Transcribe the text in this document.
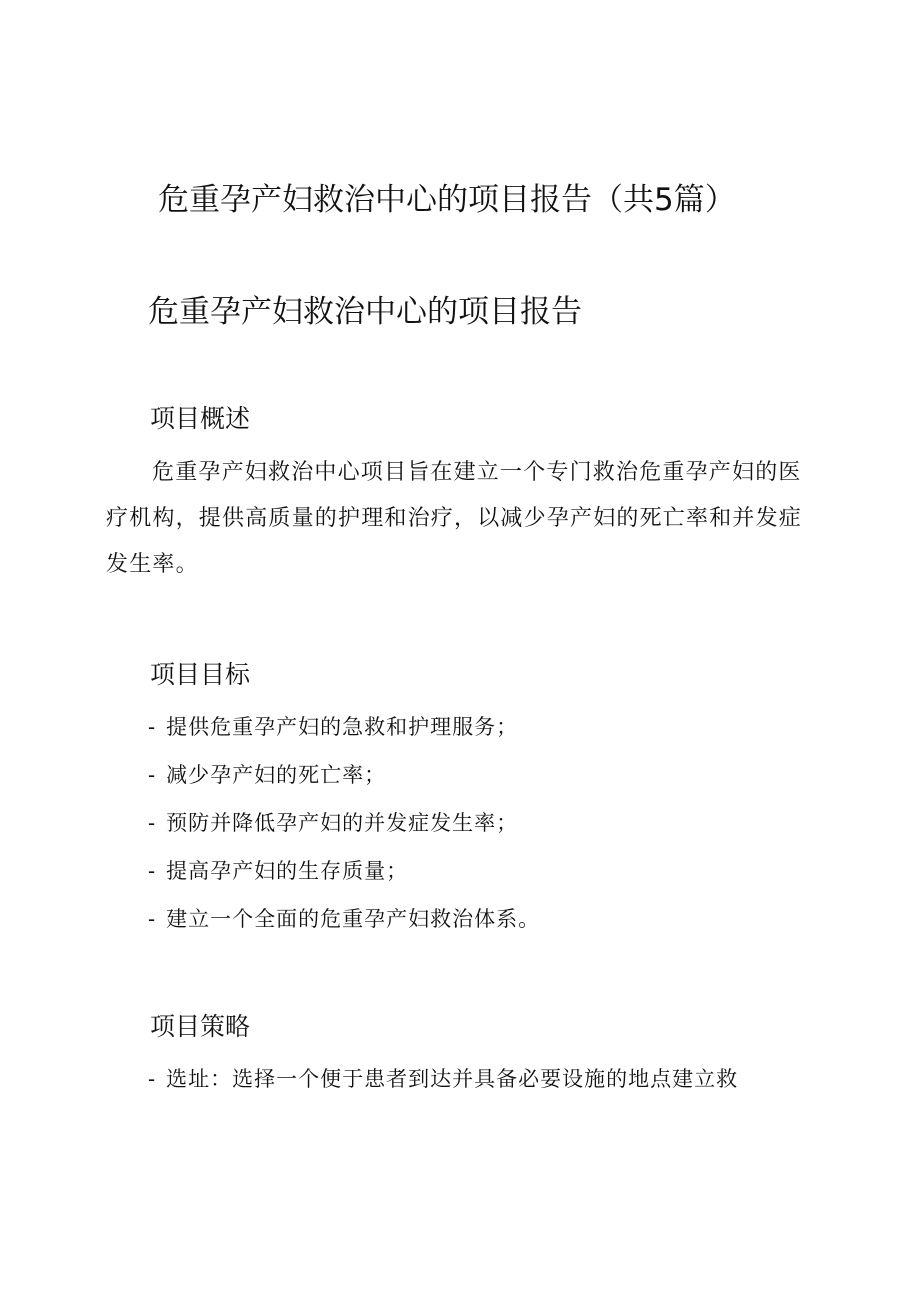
危重孕产妇救治中心的项目报告（共5篇）
危重孕产妇救治中心的项目报告
项目概述
危重孕产妇救治中心项目旨在建立一个专门救治危重孕产妇的医
疗机构，提供高质量的护理和治疗，以减少孕产妇的死亡率和并发症
发生率。
项目目标
- 提供危重孕产妇的急救和护理服务；
- 减少孕产妇的死亡率；
- 预防并降低孕产妇的并发症发生率；
- 提高孕产妇的生存质量；
- 建立一个全面的危重孕产妇救治体系。
项目策略
- 选址：选择一个便于患者到达并具备必要设施的地点建立救
